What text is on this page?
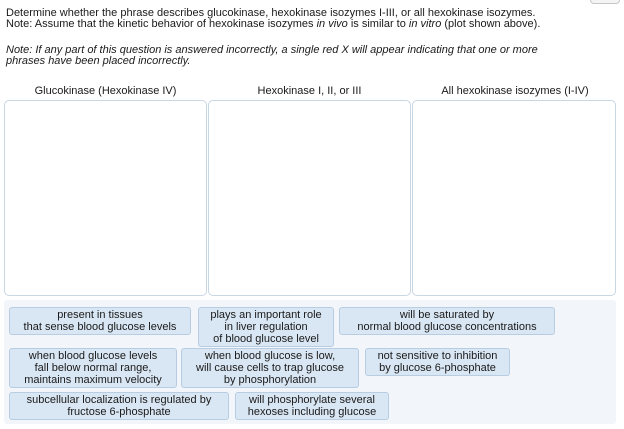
Determine whether the phrase describes glucokinase, hexokinase isozymes I-III, or all hexokinase isozymes.
Note: Assume that the kinetic behavior of hexokinase isozymes in vivo is similar to in vitro (plot shown above).
Note: If any part of this question is answered incorrectly, a single red X will appear indicating that one or more
phrases have been placed incorrectly.
Glucokinase (Hexokinase IV)	Hexokinase I, II, or III	All hexokinase isozymes (I-IV)
present in tissues
that sense blood glucose levels
plays an important role
in liver regulation
of blood glucose level
will be saturated by
normal blood glucose concentrations
when blood glucose levels
fall below normal range,
maintains maximum velocity
when blood glucose is low,
will cause cells to trap glucose
by phosphorylation
not sensitive to inhibition
by glucose 6-phosphate
subcellular localization is regulated by
fructose 6-phosphate
will phosphorylate several
hexoses including glucose
